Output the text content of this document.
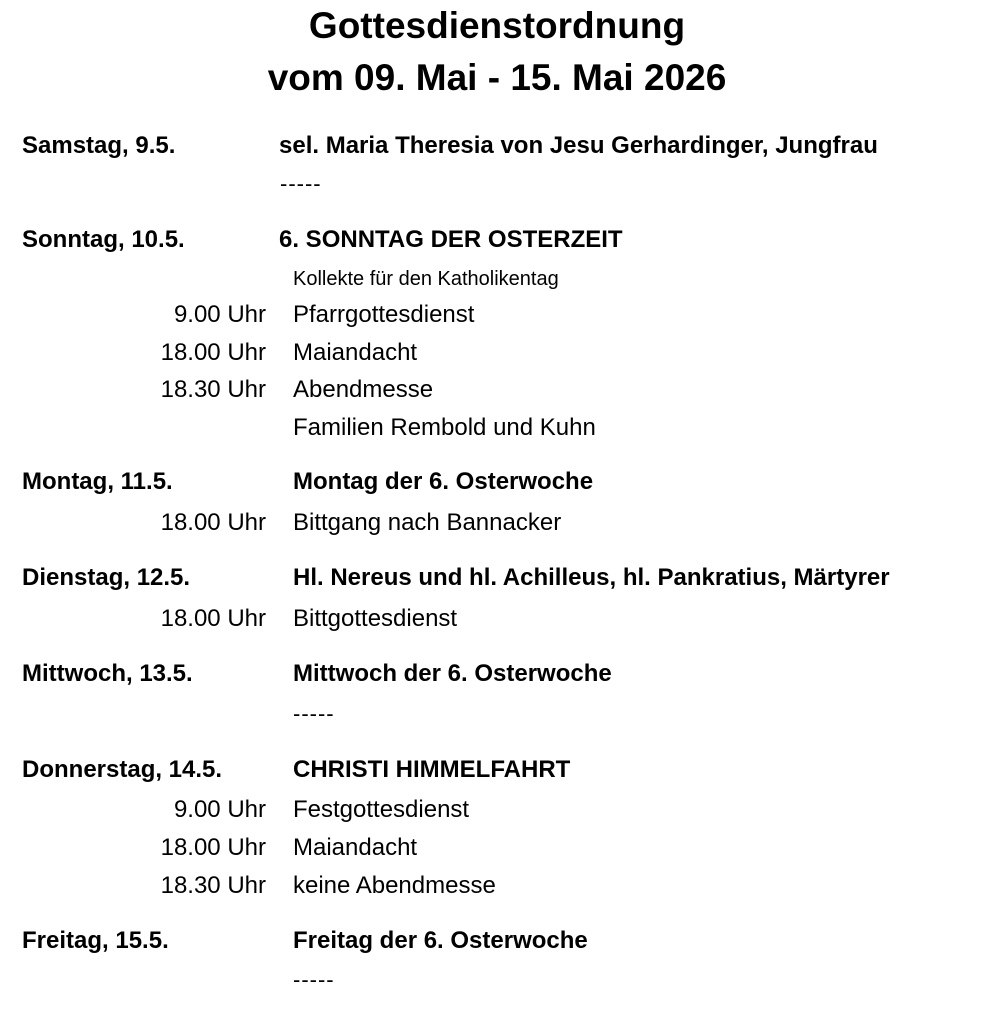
Gottesdienstordnung
vom 09. Mai - 15. Mai 2026
Samstag, 9.5.	sel. Maria Theresia von Jesu Gerhardinger, Jungfrau
-----
Sonntag, 10.5.	6. SONNTAG DER OSTERZEIT
Kollekte für den Katholikentag
9.00 Uhr Pfarrgottesdienst
18.00 Uhr Maiandacht
18.30 Uhr Abendmesse
Familien Rembold und Kuhn
Montag, 11.5.	Montag der 6. Osterwoche
18.00 Uhr Bittgang nach Bannacker
Dienstag, 12.5.	Hl. Nereus und hl. Achilleus, hl. Pankratius, Märtyrer
18.00 Uhr Bittgottesdienst
Mittwoch, 13.5.	Mittwoch der 6. Osterwoche
-----
Donnerstag, 14.5.	CHRISTI HIMMELFAHRT
9.00 Uhr Festgottesdienst
18.00 Uhr Maiandacht
18.30 Uhr keine Abendmesse
Freitag, 15.5.	Freitag der 6. Osterwoche
-----
